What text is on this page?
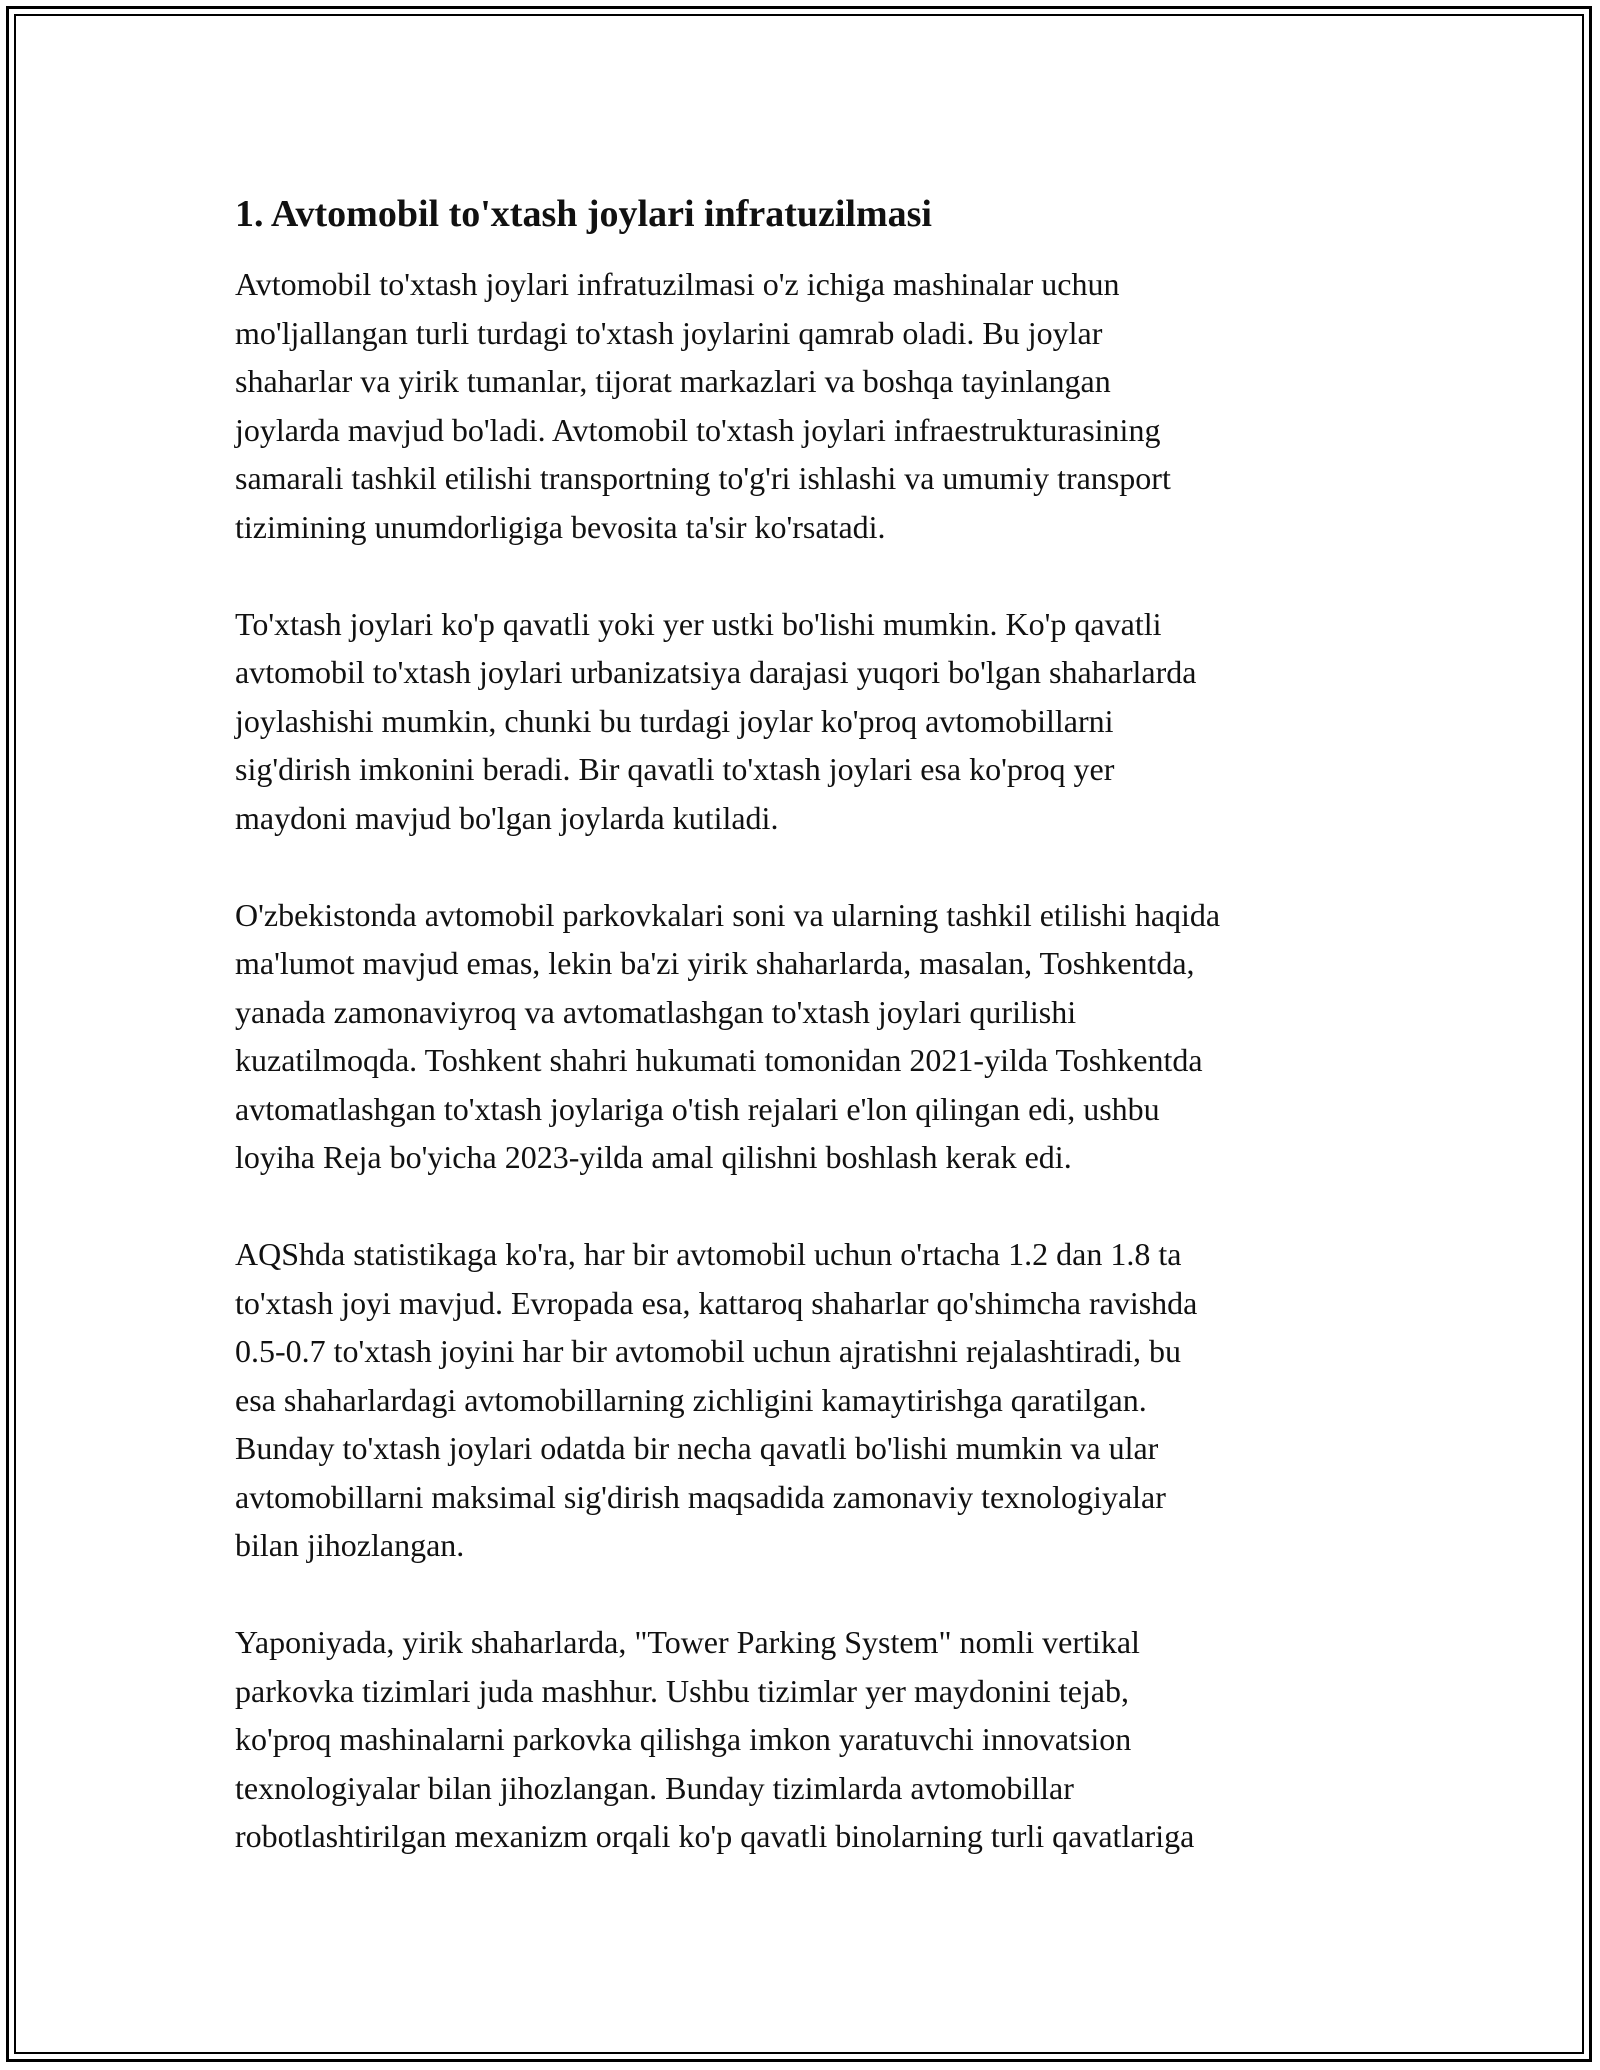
1. Avtomobil to'xtash joylari infratuzilmasi
Avtomobil to'xtash joylari infratuzilmasi o'z ichiga mashinalar uchun
mo'ljallangan turli turdagi to'xtash joylarini qamrab oladi. Bu joylar
shaharlar va yirik tumanlar, tijorat markazlari va boshqa tayinlangan
joylarda mavjud bo'ladi. Avtomobil to'xtash joylari infraestrukturasining
samarali tashkil etilishi transportning to'g'ri ishlashi va umumiy transport
tizimining unumdorligiga bevosita ta'sir ko'rsatadi.
To'xtash joylari ko'p qavatli yoki yer ustki bo'lishi mumkin. Ko'p qavatli
avtomobil to'xtash joylari urbanizatsiya darajasi yuqori bo'lgan shaharlarda
joylashishi mumkin, chunki bu turdagi joylar ko'proq avtomobillarni
sig'dirish imkonini beradi. Bir qavatli to'xtash joylari esa ko'proq yer
maydoni mavjud bo'lgan joylarda kutiladi.
O'zbekistonda avtomobil parkovkalari soni va ularning tashkil etilishi haqida
ma'lumot mavjud emas, lekin ba'zi yirik shaharlarda, masalan, Toshkentda,
yanada zamonaviyroq va avtomatlashgan to'xtash joylari qurilishi
kuzatilmoqda. Toshkent shahri hukumati tomonidan 2021-yilda Toshkentda
avtomatlashgan to'xtash joylariga o'tish rejalari e'lon qilingan edi, ushbu
loyiha Reja bo'yicha 2023-yilda amal qilishni boshlash kerak edi.
AQShda statistikaga ko'ra, har bir avtomobil uchun o'rtacha 1.2 dan 1.8 ta
to'xtash joyi mavjud. Evropada esa, kattaroq shaharlar qo'shimcha ravishda
0.5-0.7 to'xtash joyini har bir avtomobil uchun ajratishni rejalashtiradi, bu
esa shaharlardagi avtomobillarning zichligini kamaytirishga qaratilgan.
Bunday to'xtash joylari odatda bir necha qavatli bo'lishi mumkin va ular
avtomobillarni maksimal sig'dirish maqsadida zamonaviy texnologiyalar
bilan jihozlangan.
Yaponiyada, yirik shaharlarda, "Tower Parking System" nomli vertikal
parkovka tizimlari juda mashhur. Ushbu tizimlar yer maydonini tejab,
ko'proq mashinalarni parkovka qilishga imkon yaratuvchi innovatsion
texnologiyalar bilan jihozlangan. Bunday tizimlarda avtomobillar
robotlashtirilgan mexanizm orqali ko'p qavatli binolarning turli qavatlariga
